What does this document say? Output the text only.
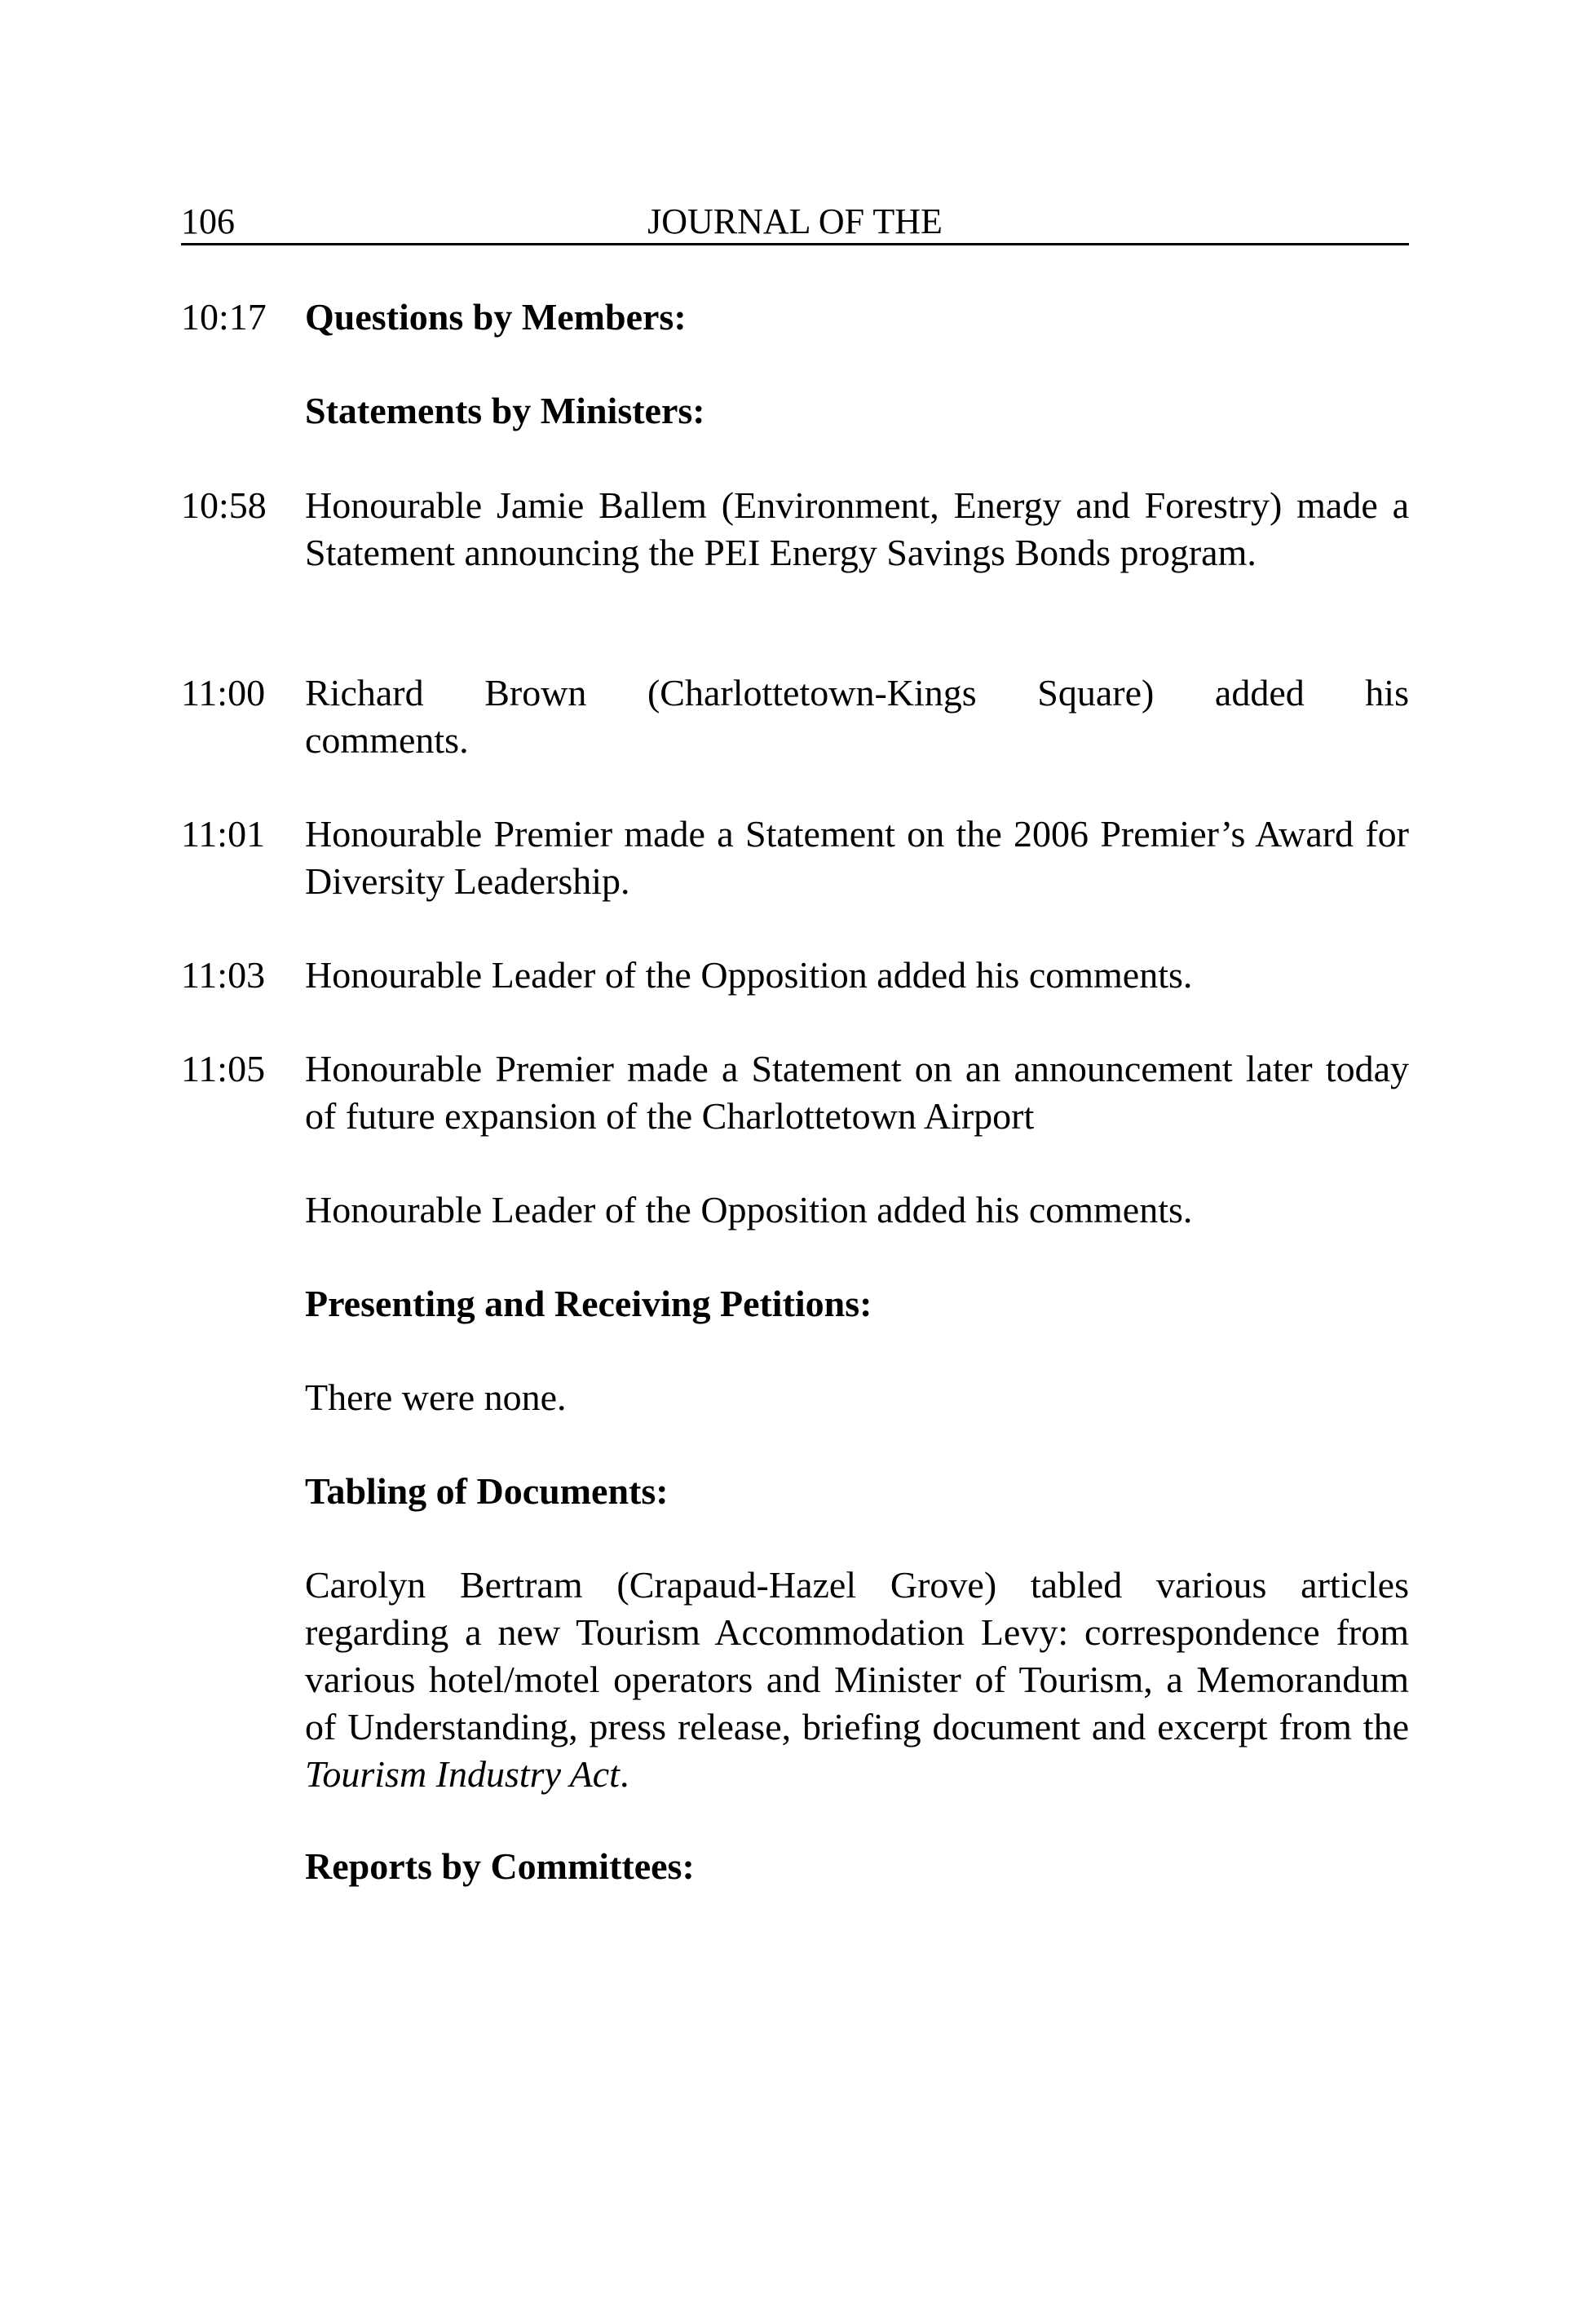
106	JOURNAL OF THE
10:17	Questions by Members:
Statements by Ministers:
10:58	Honourable Jamie Ballem (Environment, Energy and Forestry) made a Statement announcing the PEI Energy Savings Bonds program.
11:00	Richard Brown (Charlottetown-Kings Square) added his
comments.
11:01	Honourable Premier made a Statement on the 2006 Premier’s Award for Diversity Leadership.
11:03	Honourable Leader of the Opposition added his comments.
11:05	Honourable Premier made a Statement on an announcement later today of future expansion of the Charlottetown Airport
Honourable Leader of the Opposition added his comments.
Presenting and Receiving Petitions:
There were none.
Tabling of Documents:
Carolyn Bertram (Crapaud-Hazel Grove) tabled various articles regarding a new Tourism Accommodation Levy: correspondence from various hotel/motel operators and Minister of Tourism, a Memorandum of Understanding, press release, briefing document and excerpt from the Tourism Industry Act.
Reports by Committees:
